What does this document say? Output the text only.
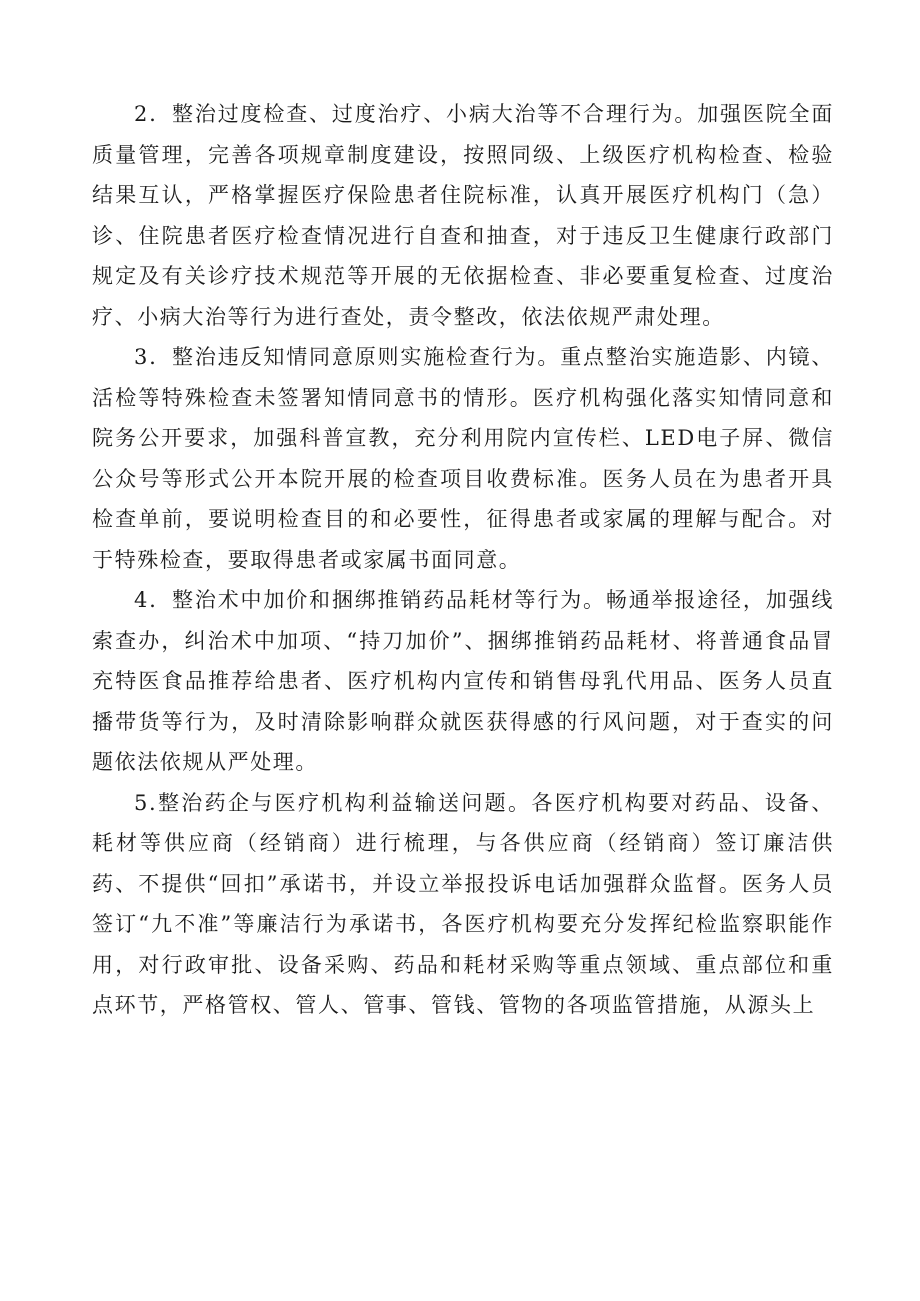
2．整治过度检查、过度治疗、小病大治等不合理行为。加强医院全面质量管理，完善各项规章制度建设，按照同级、上级医疗机构检查、检验结果互认，严格掌握医疗保险患者住院标准，认真开展医疗机构门（急）诊、住院患者医疗检查情况进行自查和抽查，对于违反卫生健康行政部门规定及有关诊疗技术规范等开展的无依据检查、非必要重复检查、过度治疗、小病大治等行为进行查处，责令整改，依法依规严肃处理。

3．整治违反知情同意原则实施检查行为。重点整治实施造影、内镜、活检等特殊检查未签署知情同意书的情形。医疗机构强化落实知情同意和院务公开要求，加强科普宣教，充分利用院内宣传栏、LED电子屏、微信公众号等形式公开本院开展的检查项目收费标准。医务人员在为患者开具检查单前，要说明检查目的和必要性，征得患者或家属的理解与配合。对于特殊检查，要取得患者或家属书面同意。

4．整治术中加价和捆绑推销药品耗材等行为。畅通举报途径，加强线索查办，纠治术中加项、“持刀加价”、捆绑推销药品耗材、将普通食品冒充特医食品推荐给患者、医疗机构内宣传和销售母乳代用品、医务人员直播带货等行为，及时清除影响群众就医获得感的行风问题，对于查实的问题依法依规从严处理。

5.整治药企与医疗机构利益输送问题。各医疗机构要对药品、设备、耗材等供应商（经销商）进行梳理，与各供应商（经销商）签订廉洁供药、不提供“回扣”承诺书，并设立举报投诉电话加强群众监督。医务人员签订“九不准”等廉洁行为承诺书，各医疗机构要充分发挥纪检监察职能作用，对行政审批、设备采购、药品和耗材采购等重点领域、重点部位和重点环节，严格管权、管人、管事、管钱、管物的各项监管措施，从源头上
